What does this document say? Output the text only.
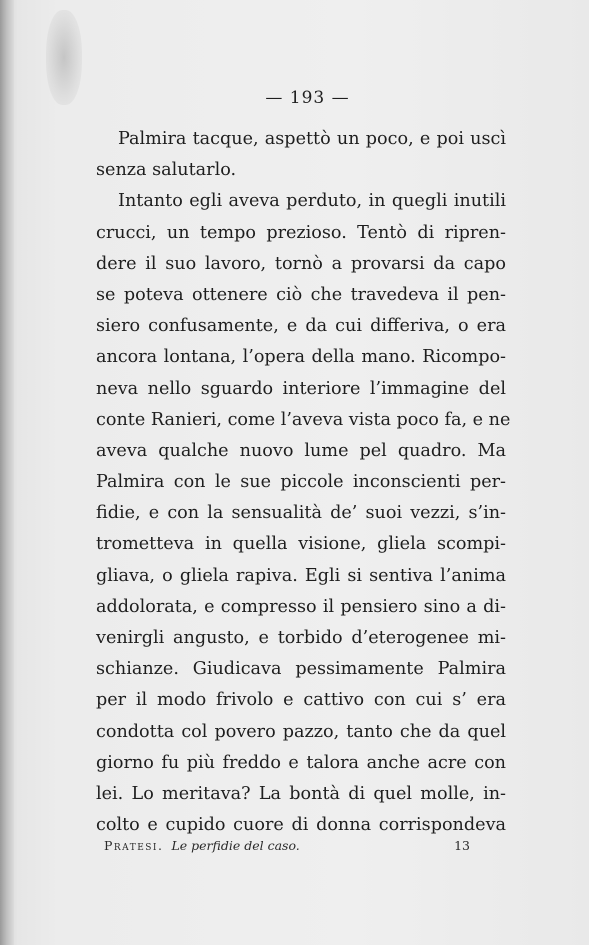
— 193 —
Palmira tacque, aspettò un poco, e poi uscì
senza salutarlo.
Intanto egli aveva perduto, in quegli inutili
crucci, un tempo prezioso. Tentò di ripren-
dere il suo lavoro, tornò a provarsi da capo
se poteva ottenere ciò che travedeva il pen-
siero confusamente, e da cui differiva, o era
ancora lontana, l’opera della mano. Ricompo-
neva nello sguardo interiore l’immagine del
conte Ranieri, come l’aveva vista poco fa, e ne
aveva qualche nuovo lume pel quadro. Ma
Palmira con le sue piccole inconscienti per-
fidie, e con la sensualità de’ suoi vezzi, s’in-
trometteva in quella visione, gliela scompi-
gliava, o gliela rapiva. Egli si sentiva l’anima
addolorata, e compresso il pensiero sino a di-
venirgli angusto, e torbido d’eterogenee mi-
schianze. Giudicava pessimamente Palmira
per il modo frivolo e cattivo con cui s’ era
condotta col povero pazzo, tanto che da quel
giorno fu più freddo e talora anche acre con
lei. Lo meritava? La bontà di quel molle, in-
colto e cupido cuore di donna corrispondeva
Pratesi. Le perfidie del caso.	13
